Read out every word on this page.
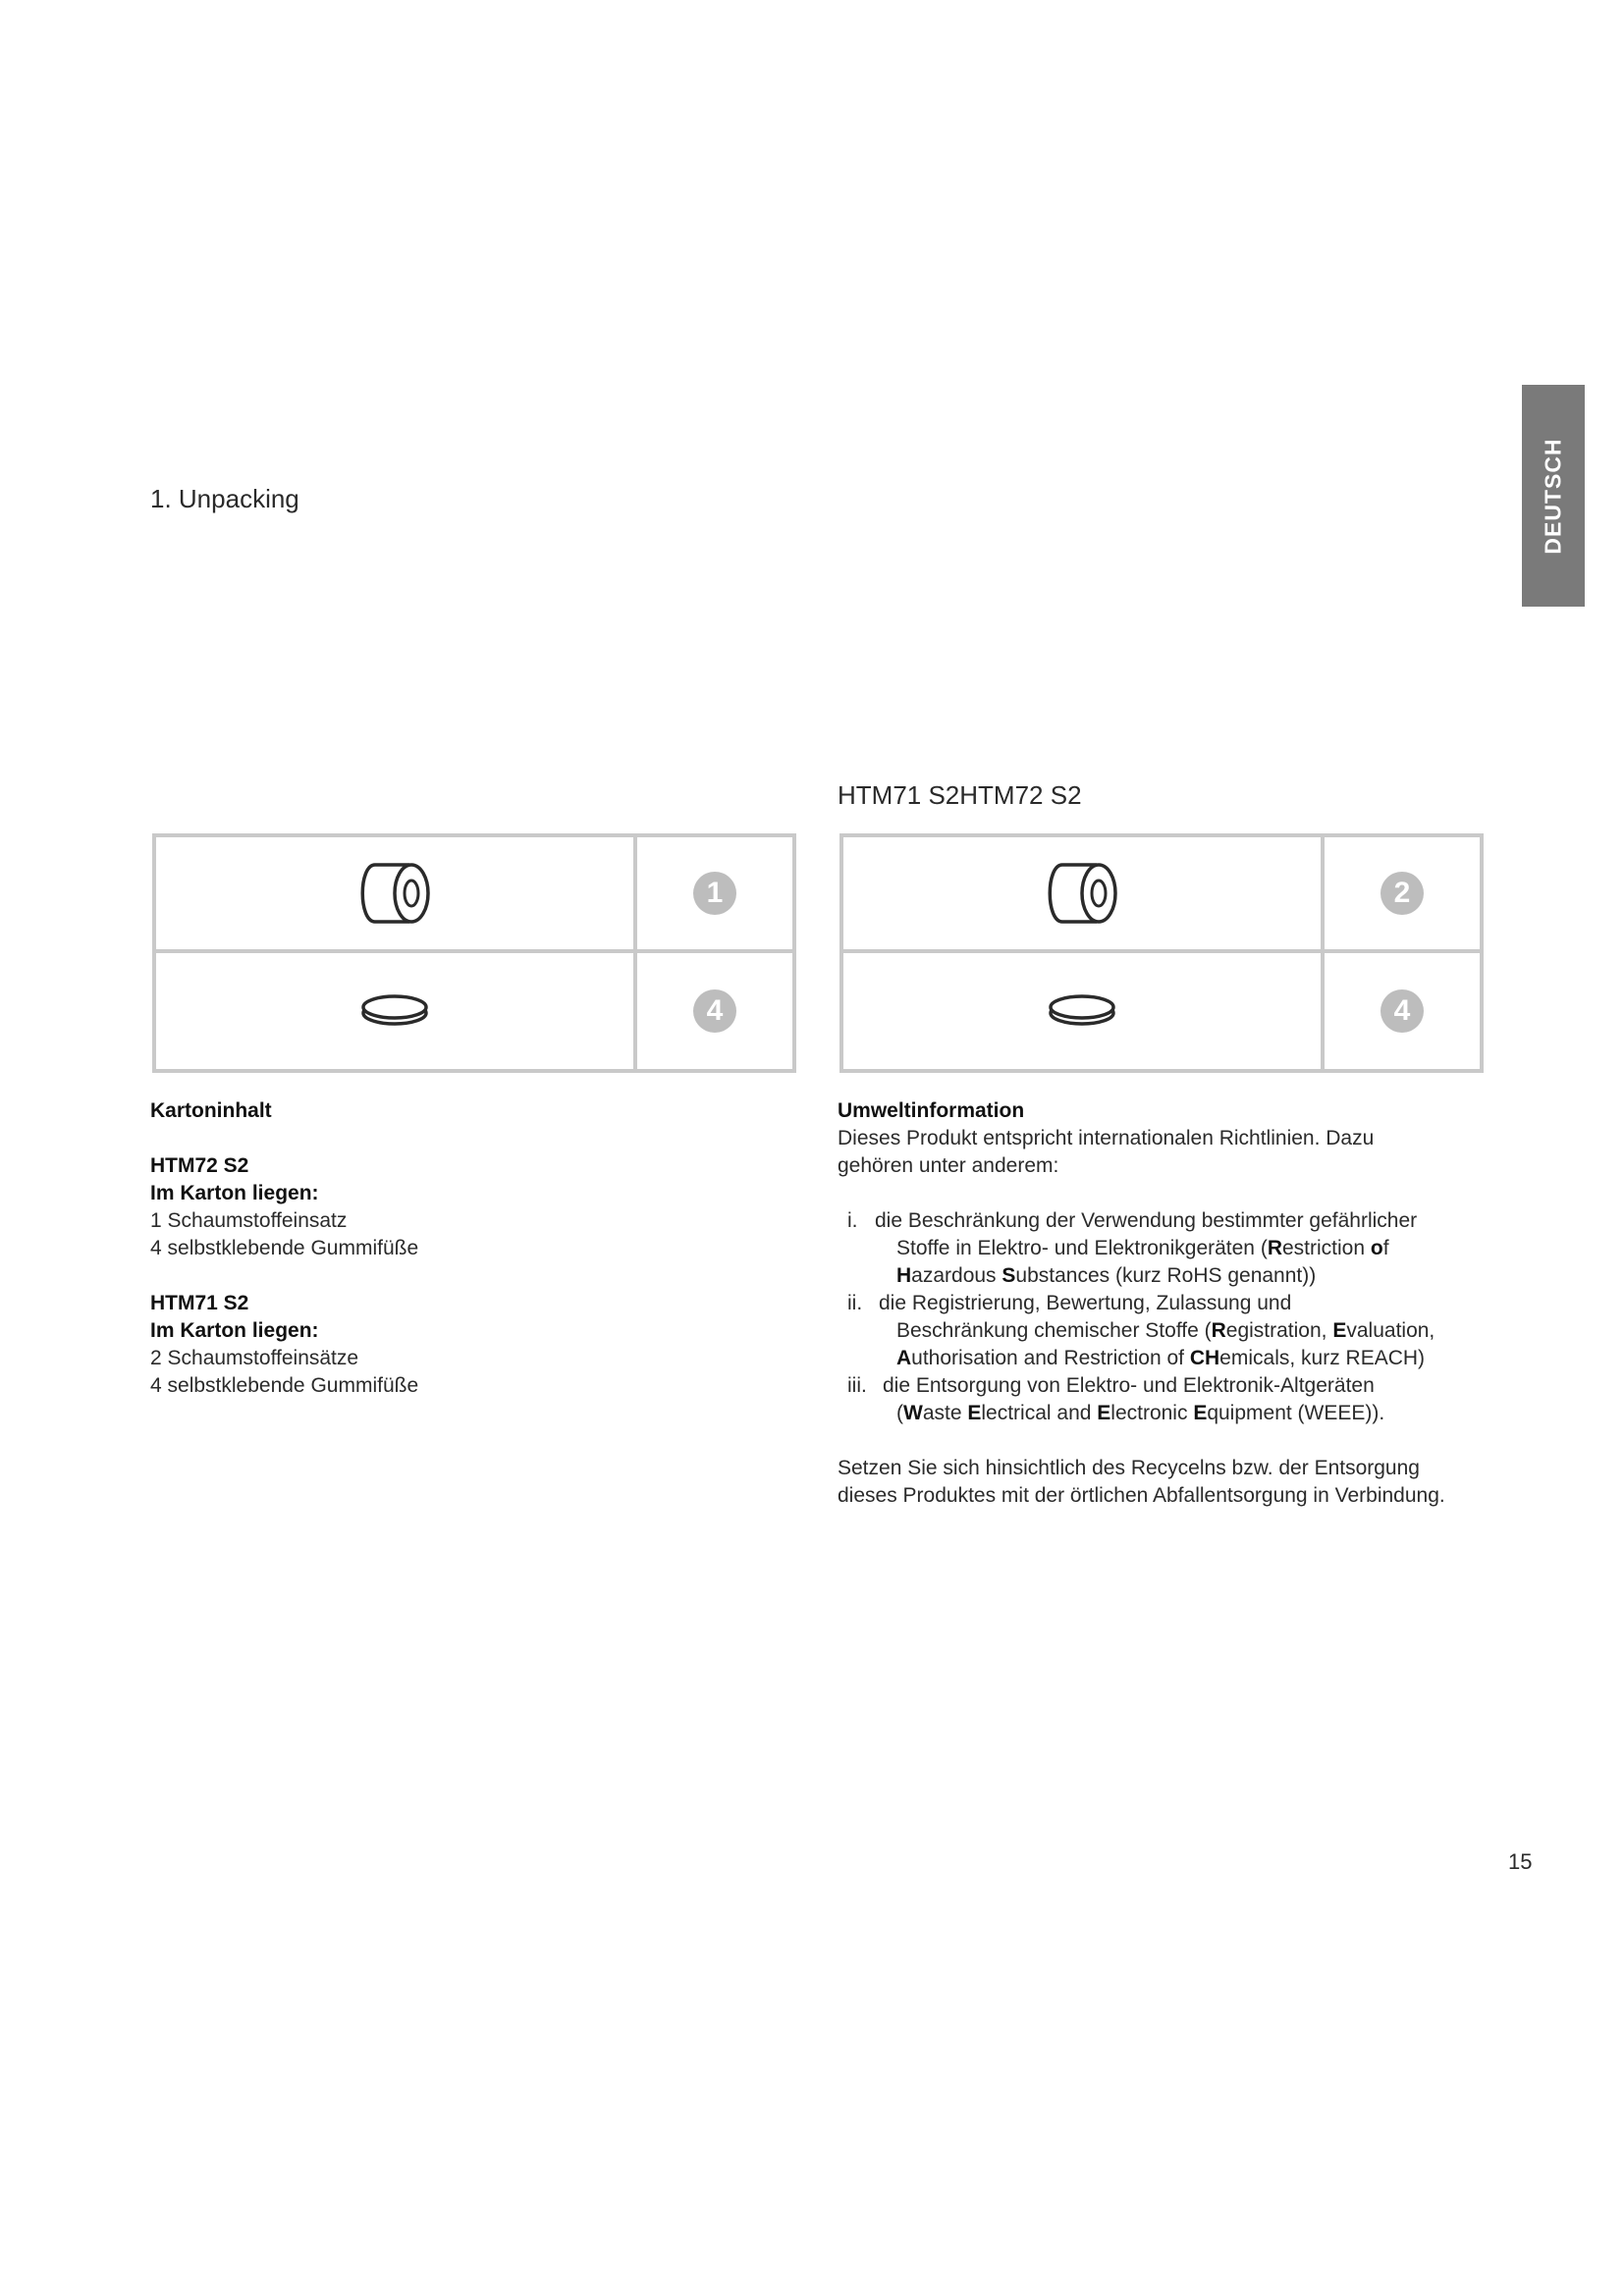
DEUTSCH
1. Unpacking
HTM71 S2HTM72 S2
1
4
2
4

Kartoninhalt

HTM72 S2

Im Karton liegen:

1 Schaumstoffeinsatz

4 selbstklebende Gummifüße

HTM71 S2

Im Karton liegen:

2 Schaumstoffeinsätze

4 selbstklebende Gummifüße

Umweltinformation

Dieses Produkt entspricht internationalen Richtlinien. Dazu

gehören unter anderem:

i. die Beschränkung der Verwendung bestimmter gefährlicher

Stoffe in Elektro- und Elektronikgeräten (Restriction of

Hazardous Substances (kurz RoHS genannt))

ii. die Registrierung, Bewertung, Zulassung und

Beschränkung chemischer Stoffe (Registration, Evaluation,

Authorisation and Restriction of CHemicals, kurz REACH)

iii. die Entsorgung von Elektro- und Elektronik-Altgeräten

(Waste Electrical and Electronic Equipment (WEEE)).

Setzen Sie sich hinsichtlich des Recycelns bzw. der Entsorgung

dieses Produktes mit der örtlichen Abfallentsorgung in Verbindung.

15
